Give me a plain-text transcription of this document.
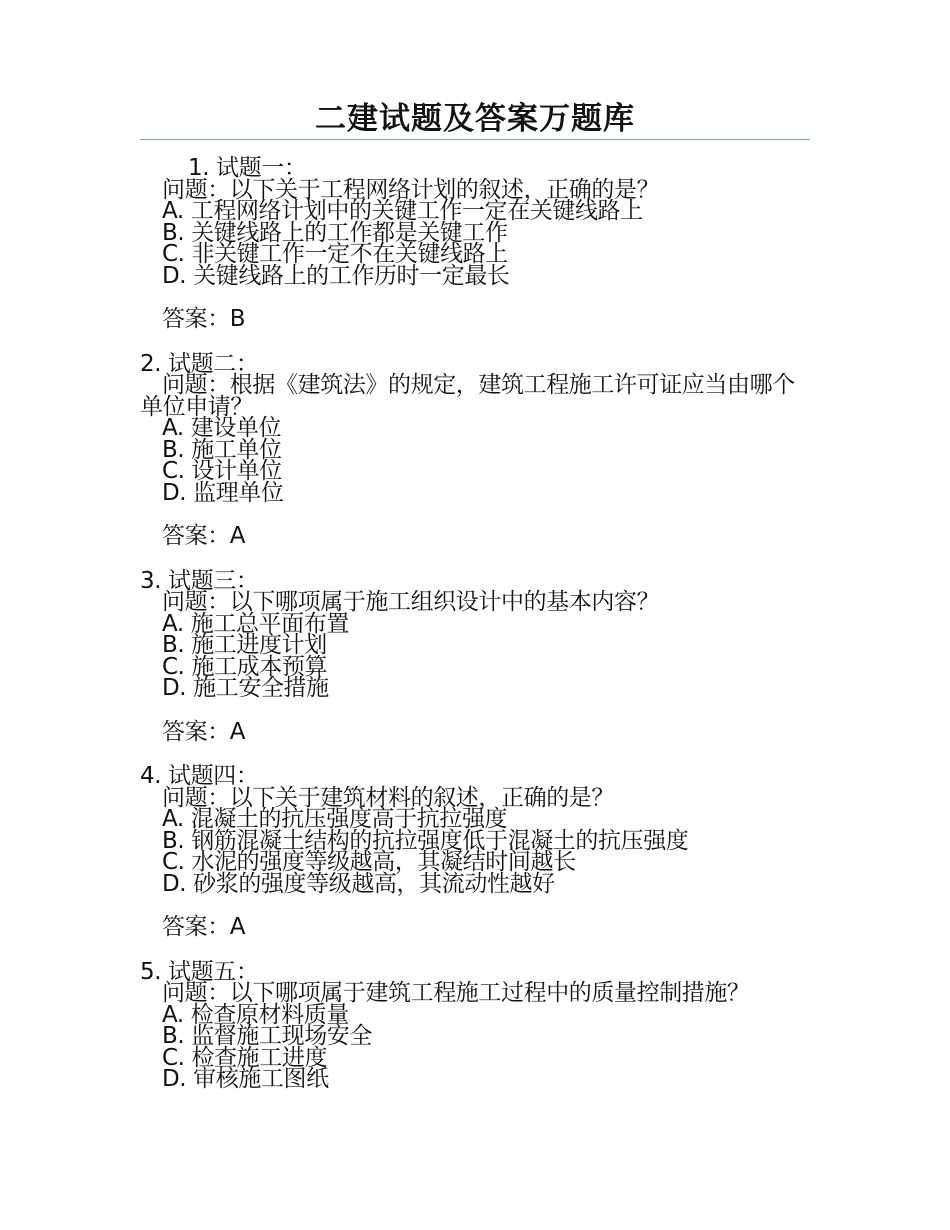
二建试题及答案万题库
1. 试题一：
问题：以下关于工程网络计划的叙述，正确的是？
A. 工程网络计划中的关键工作一定在关键线路上
B. 关键线路上的工作都是关键工作
C. 非关键工作一定不在关键线路上
D. 关键线路上的工作历时一定最长
答案：B
2. 试题二：
问题：根据《建筑法》的规定，建筑工程施工许可证应当由哪个单位申请？
A. 建设单位
B. 施工单位
C. 设计单位
D. 监理单位
答案：A
3. 试题三：
问题：以下哪项属于施工组织设计中的基本内容？
A. 施工总平面布置
B. 施工进度计划
C. 施工成本预算
D. 施工安全措施
答案：A
4. 试题四：
问题：以下关于建筑材料的叙述，正确的是？
A. 混凝土的抗压强度高于抗拉强度
B. 钢筋混凝土结构的抗拉强度低于混凝土的抗压强度
C. 水泥的强度等级越高，其凝结时间越长
D. 砂浆的强度等级越高，其流动性越好
答案：A
5. 试题五：
问题：以下哪项属于建筑工程施工过程中的质量控制措施？
A. 检查原材料质量
B. 监督施工现场安全
C. 检查施工进度
D. 审核施工图纸
